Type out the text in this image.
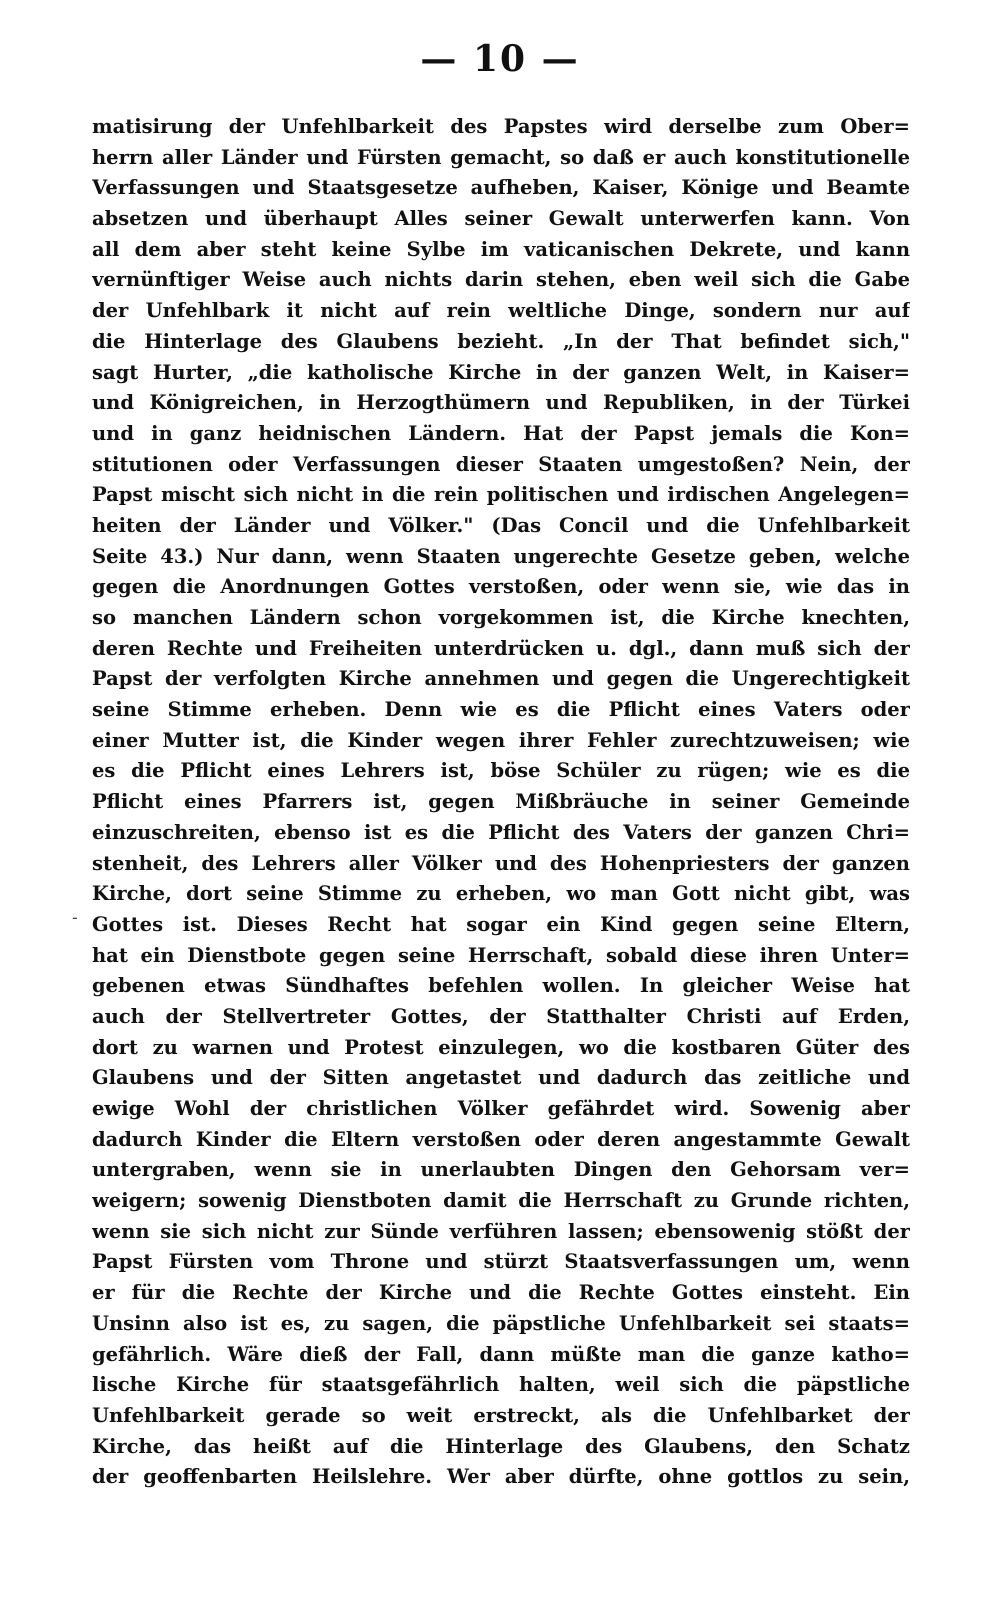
— 10 —
-
matisirung der Unfehlbarkeit des Papstes wird derselbe zum Ober=
herrn aller Länder und Fürsten gemacht, so daß er auch konstitutionelle
Verfassungen und Staatsgesetze aufheben, Kaiser, Könige und Beamte
absetzen und überhaupt Alles seiner Gewalt unterwerfen kann. Von
all dem aber steht keine Sylbe im vaticanischen Dekrete, und kann
vernünftiger Weise auch nichts darin stehen, eben weil sich die Gabe
der Unfehlbark it nicht auf rein weltliche Dinge, sondern nur auf
die Hinterlage des Glaubens bezieht. „In der That befindet sich,"
sagt Hurter, „die katholische Kirche in der ganzen Welt, in Kaiser=
und Königreichen, in Herzogthümern und Republiken, in der Türkei
und in ganz heidnischen Ländern. Hat der Papst jemals die Kon=
stitutionen oder Verfassungen dieser Staaten umgestoßen? Nein, der
Papst mischt sich nicht in die rein politischen und irdischen Angelegen=
heiten der Länder und Völker." (Das Concil und die Unfehlbarkeit
Seite 43.) Nur dann, wenn Staaten ungerechte Gesetze geben, welche
gegen die Anordnungen Gottes verstoßen, oder wenn sie, wie das in
so manchen Ländern schon vorgekommen ist, die Kirche knechten,
deren Rechte und Freiheiten unterdrücken u. dgl., dann muß sich der
Papst der verfolgten Kirche annehmen und gegen die Ungerechtigkeit
seine Stimme erheben. Denn wie es die Pflicht eines Vaters oder
einer Mutter ist, die Kinder wegen ihrer Fehler zurechtzuweisen; wie
es die Pflicht eines Lehrers ist, böse Schüler zu rügen; wie es die
Pflicht eines Pfarrers ist, gegen Mißbräuche in seiner Gemeinde
einzuschreiten, ebenso ist es die Pflicht des Vaters der ganzen Chri=
stenheit, des Lehrers aller Völker und des Hohenpriesters der ganzen
Kirche, dort seine Stimme zu erheben, wo man Gott nicht gibt, was
Gottes ist. Dieses Recht hat sogar ein Kind gegen seine Eltern,
hat ein Dienstbote gegen seine Herrschaft, sobald diese ihren Unter=
gebenen etwas Sündhaftes befehlen wollen. In gleicher Weise hat
auch der Stellvertreter Gottes, der Statthalter Christi auf Erden,
dort zu warnen und Protest einzulegen, wo die kostbaren Güter des
Glaubens und der Sitten angetastet und dadurch das zeitliche und
ewige Wohl der christlichen Völker gefährdet wird. Sowenig aber
dadurch Kinder die Eltern verstoßen oder deren angestammte Gewalt
untergraben, wenn sie in unerlaubten Dingen den Gehorsam ver=
weigern; sowenig Dienstboten damit die Herrschaft zu Grunde richten,
wenn sie sich nicht zur Sünde verführen lassen; ebensowenig stößt der
Papst Fürsten vom Throne und stürzt Staatsverfassungen um, wenn
er für die Rechte der Kirche und die Rechte Gottes einsteht. Ein
Unsinn also ist es, zu sagen, die päpstliche Unfehlbarkeit sei staats=
gefährlich. Wäre dieß der Fall, dann müßte man die ganze katho=
lische Kirche für staatsgefährlich halten, weil sich die päpstliche
Unfehlbarkeit gerade so weit erstreckt, als die Unfehlbarket der
Kirche, das heißt auf die Hinterlage des Glaubens, den Schatz
der geoffenbarten Heilslehre. Wer aber dürfte, ohne gottlos zu sein,
